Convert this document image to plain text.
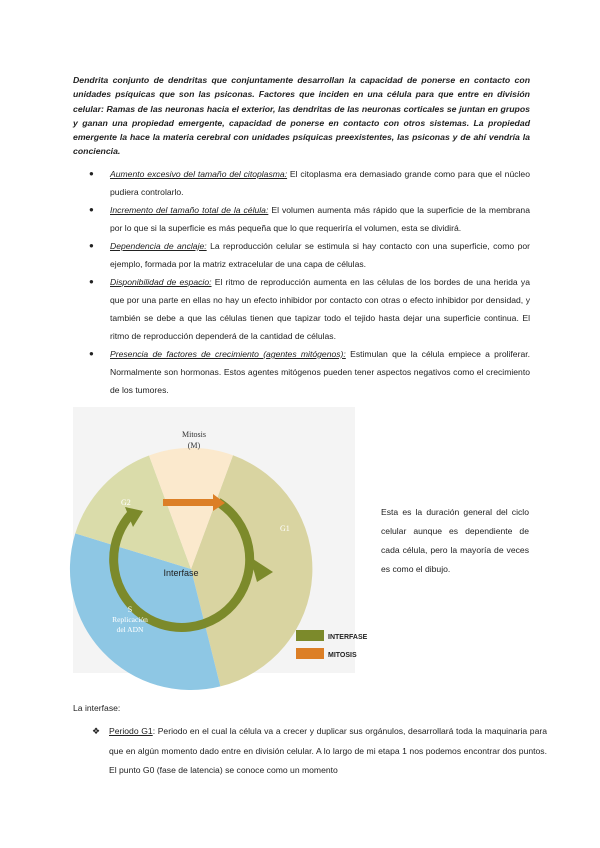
Dendrita conjunto de dendritas que conjuntamente desarrollan la capacidad de ponerse en contacto con unidades psíquicas que son las psiconas. Factores que inciden en una célula para que entre en división celular: Ramas de las neuronas hacia el exterior, las dendritas de las neuronas corticales se juntan en grupos y ganan una propiedad emergente, capacidad de ponerse en contacto con otros sistemas. La propiedad emergente la hace la materia cerebral con unidades psíquicas preexistentes, las psiconas y de ahí vendría la conciencia.

● Aumento excesivo del tamaño del citoplasma: El citoplasma era demasiado grande como para que el núcleo pudiera controlarlo.
● Incremento del tamaño total de la célula: El volumen aumenta más rápido que la superficie de la membrana por lo que si la superficie es más pequeña que lo que requeriría el volumen, esta se dividirá.
● Dependencia de anclaje: La reproducción celular se estimula si hay contacto con una superficie, como por ejemplo, formada por la matriz extracelular de una capa de células.
● Disponibilidad de espacio: El ritmo de reproducción aumenta en las células de los bordes de una herida ya que por una parte en ellas no hay un efecto inhibidor por contacto con otras o efecto inhibidor por densidad, y también se debe a que las células tienen que tapizar todo el tejido hasta dejar una superficie continua. El ritmo de reproducción dependerá de la cantidad de células.
● Presencia de factores de crecimiento (agentes mitógenos): Estimulan que la célula empiece a proliferar. Normalmente son hormonas. Estos agentes mitógenos pueden tener aspectos negativos como el crecimiento de los tumores.
Mitosis
(M)
G2
G1
Interfase
S
Replicación
del ADN
INTERFASE
MITOSIS

Esta es la duración general del ciclo celular aunque es dependiente de cada célula, pero la mayoría de veces es como el dibujo.

La interfase:

❖ Periodo G1: Periodo en el cual la célula va a crecer y duplicar sus orgánulos, desarrollará toda la maquinaria para que en algún momento dado entre en división celular. A lo largo de mi etapa 1 nos podemos encontrar dos puntos. El punto G0 (fase de latencia) se conoce como un momento
